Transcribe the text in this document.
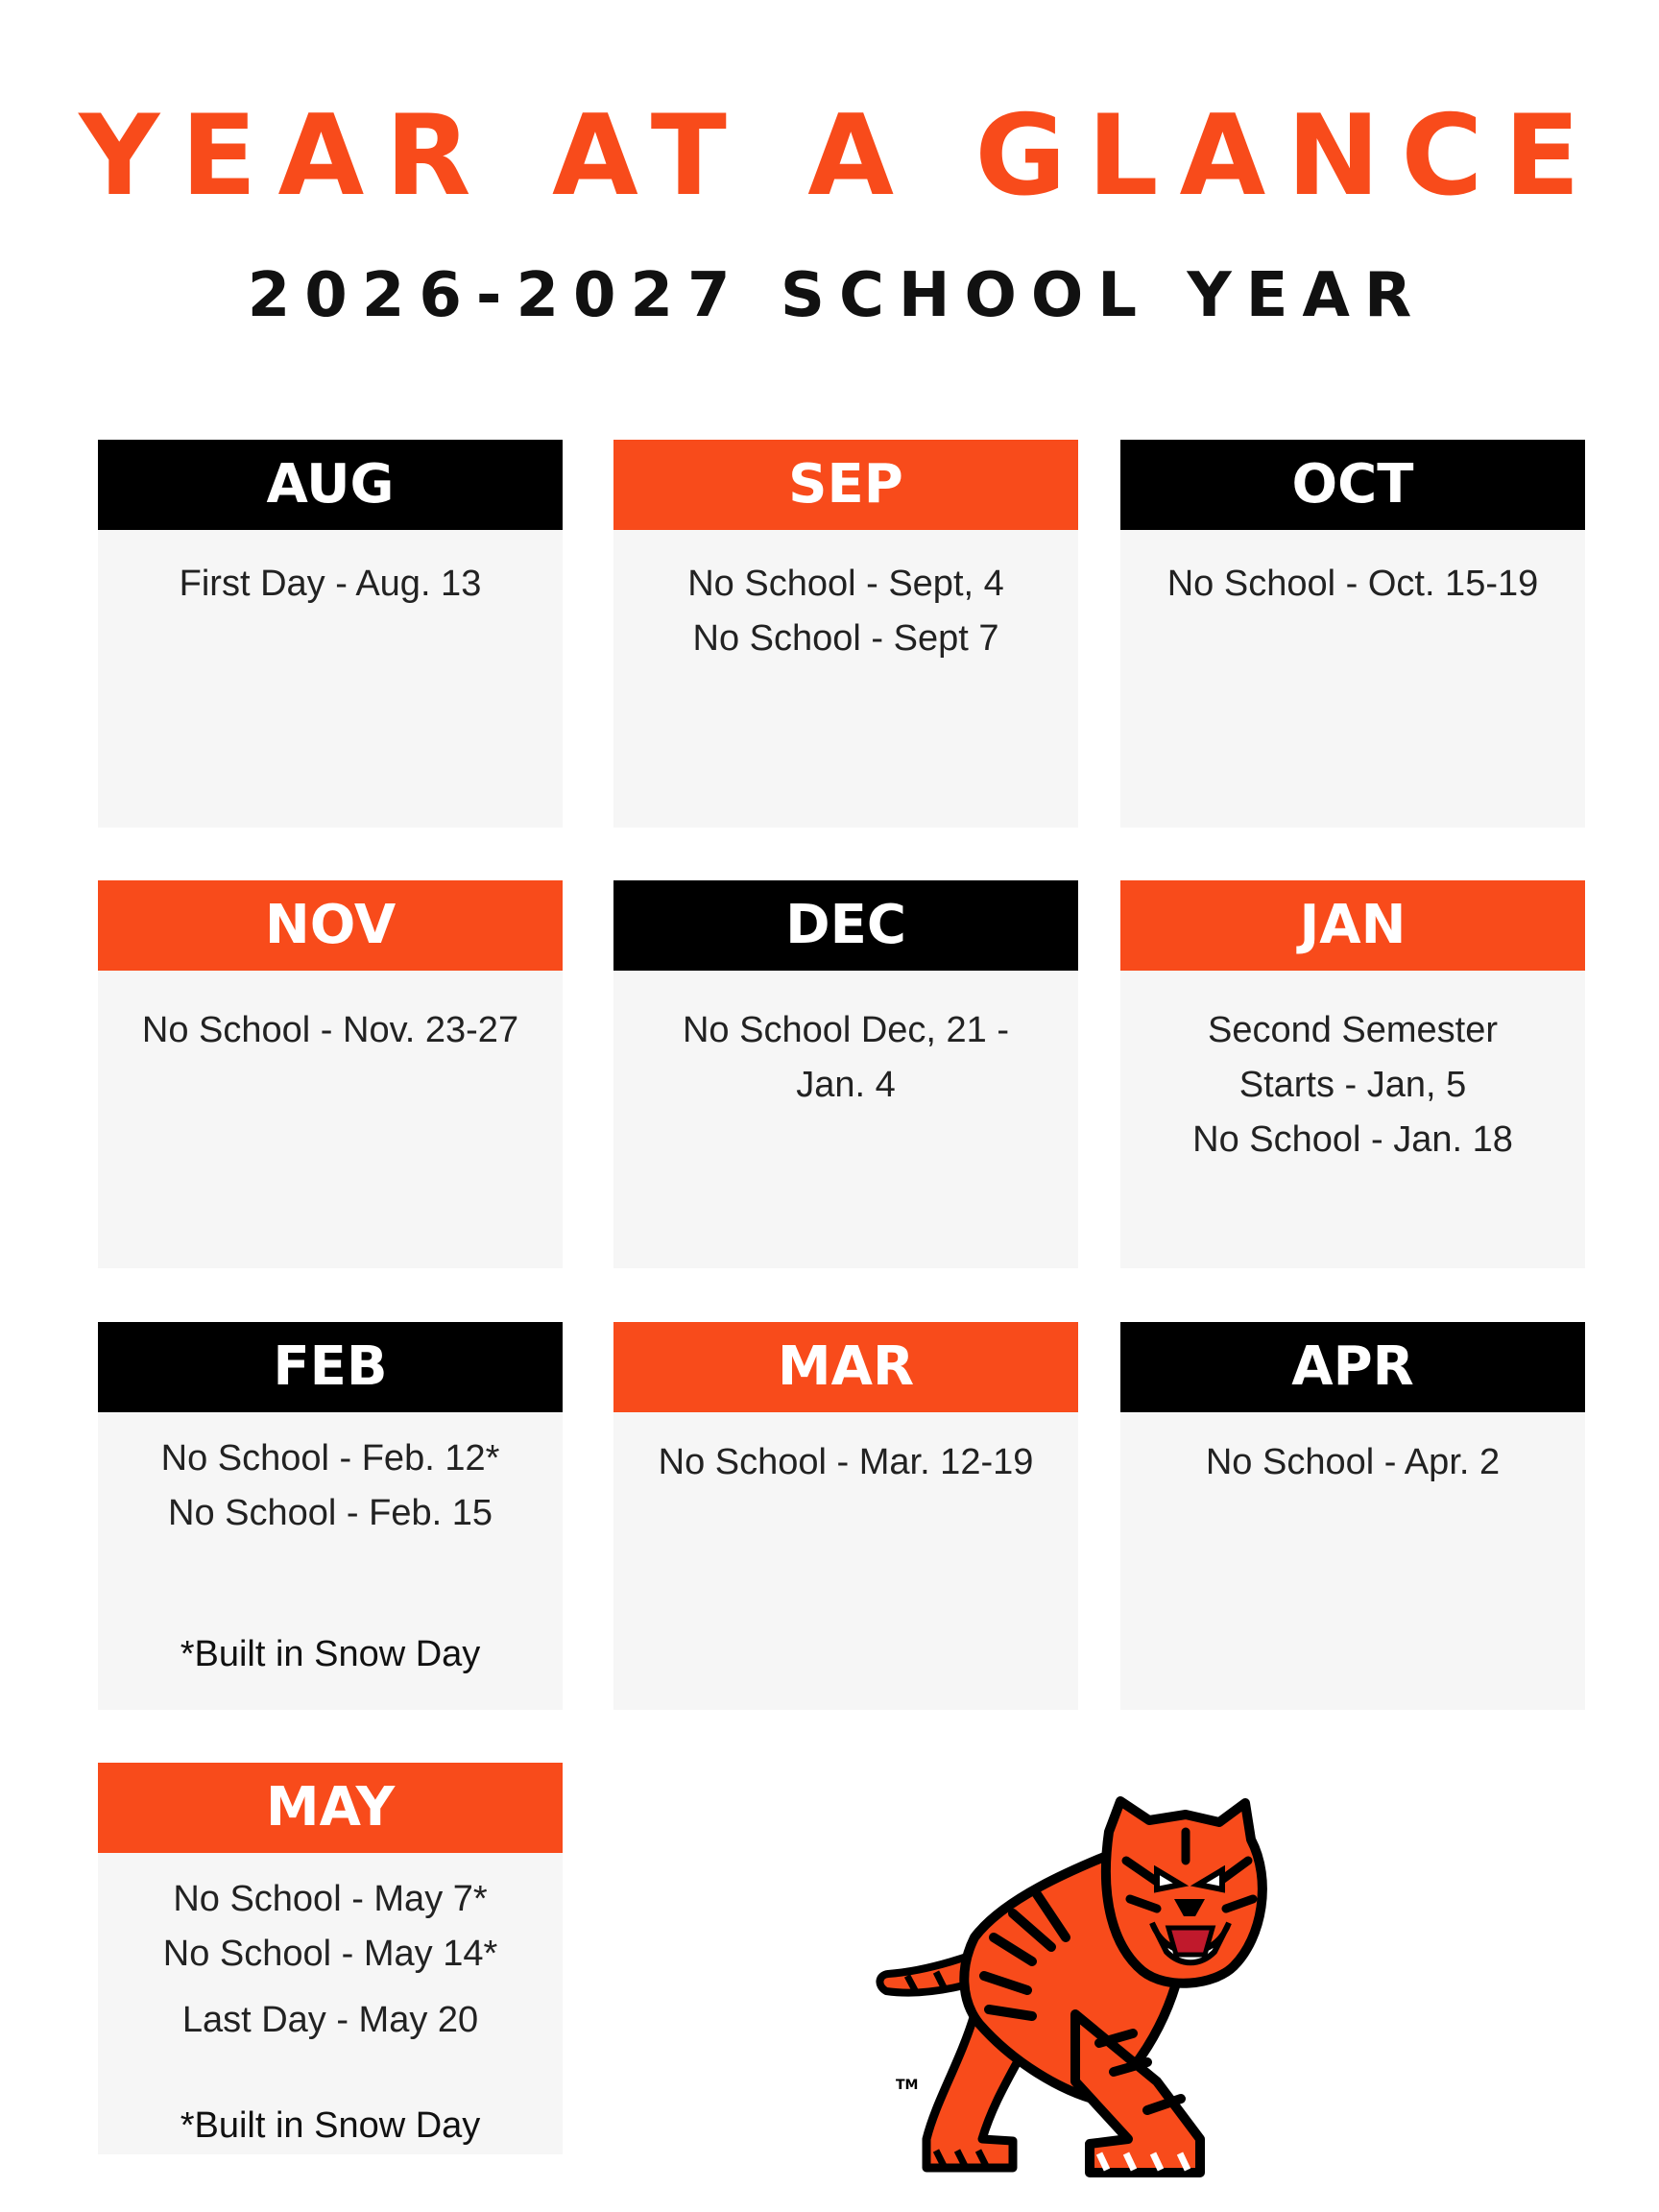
YEAR AT A GLANCE
2026-2027 SCHOOL YEAR
AUG
First Day - Aug. 13
SEP
No School - Sept, 4
No School - Sept 7
OCT
No School - Oct. 15-19
NOV
No School - Nov. 23-27
DEC
No School Dec, 21 -
Jan. 4
JAN
Second Semester
Starts - Jan, 5
No School - Jan. 18
FEB
No School - Feb. 12*
No School - Feb. 15
*Built in Snow Day
MAR
No School - Mar. 12-19
APR
No School - Apr. 2
MAY
No School - May 7*
No School - May 14*
Last Day - May 20
*Built in Snow Day
TM
